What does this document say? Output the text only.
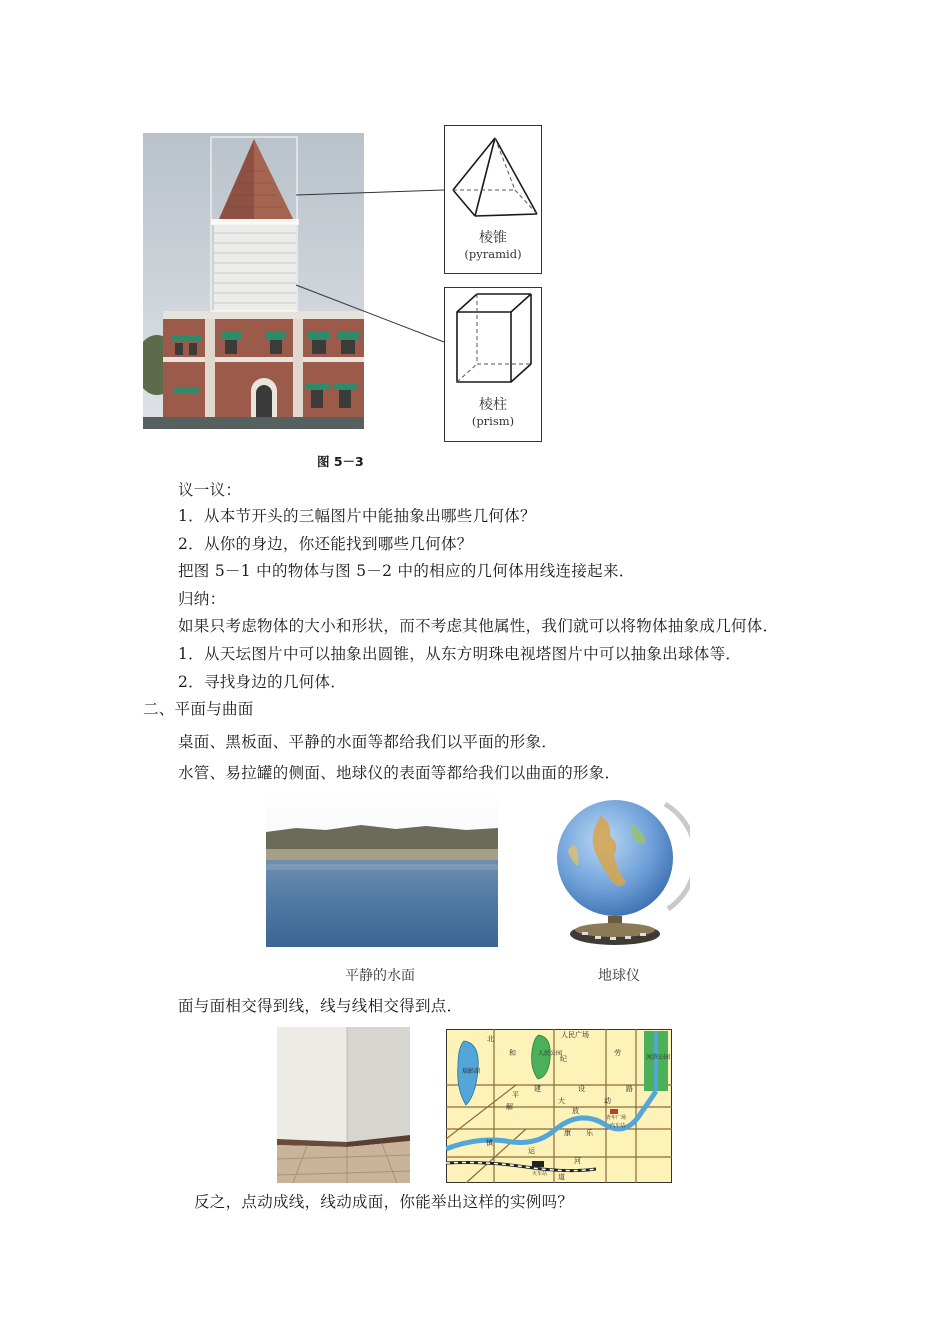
棱锥
(pyramid)
棱柱
(prism)
图 5－3
议一议：
1．从本节开头的三幅图片中能抽象出哪些几何体？
2．从你的身边，你还能找到哪些几何体？
把图 5－1 中的物体与图 5－2 中的相应的几何体用线连接起来．
归纳：
如果只考虑物体的大小和形状，而不考虑其他属性，我们就可以将物体抽象成几何体．
1．从天坛图片中可以抽象出圆锥，从东方明珠电视塔图片中可以抽象出球体等．
2．寻找身边的几何体．
二、平面与曲面
桌面、黑板面、平静的水面等都给我们以平面的形象．
水管、易拉罐的侧面、地球仪的表面等都给我们以曲面的形象．
平静的水面	地球仪
面与面相交得到线，线与线相交得到点．
人民广场
人民公园
瑞影湖
河滨公园
北
和
纪
劳
建	设	路
平
解
大
放
动
康 乐
运
河
道
镇
青年广场
汽车站
火车站
反之，点动成线，线动成面，你能举出这样的实例吗？
